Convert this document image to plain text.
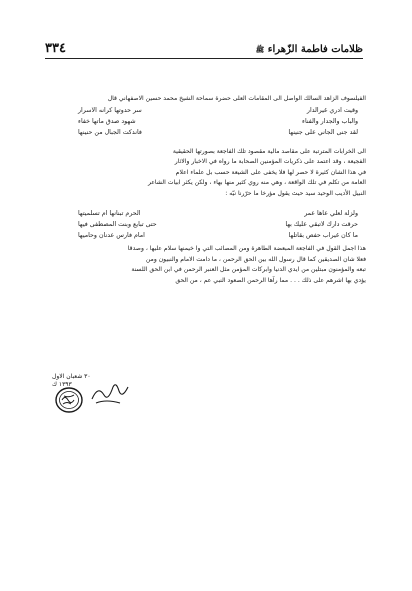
٣٣٤	ظلامات فاطمة الزّهراء ﷺ
الفيلسوف الزاهد السالك الواصل الى المقامات العلى حضرة سماحة الشيخ محمد حسين الاصفهاني قال
وقيت ادري غيرالدار
سر حدوتها كرانه الاسرار
والباب والجدار والفناء
شهود صدق ماتها خفاء
لقد جنى الجاني على جنينها
فاندكت الجبال من حنينها
الى الخرابات المترتبة على مقاصد مالية مقصود تلك الفاجعة بصورتها الحقيقية
الفجيعة ، وقد اعتمد على ذكريات المؤمنين الصحابة ما رواه في الاخبار والاثار
في هذا الشان كثيرة لا حصر لها فلا يخفى على الشيعة حسب بل علماء اعلام
العامة من تكلم في تلك الواقعة ، وهي منه روي كثير منها بهاء ، ولكن يكثر ابيات الشاعر
النبيل الأديب الوحيد سيد حيث يقول مؤرخا ما حرّرنا نيّه :
ولزلة لعلي عاها عمر
الحرم تبنانها ام تسلميتها
حرقت دارك لاتبقي عليك بها
حتى تبايع وبنت المصطفى فيها
ما كان غيراب حفص بقاتلها
امام فارس عدنان وحاميها
هذا اجمل القول في الفاجعة المبعضة الطاهرة ومن المصائب التي وا خيمنها سلام عليها ، وصدقا
فعلا شان الصديقين كما قال رسول الله بين الحق الرحمن ، ما دامت الامام والنبيون ومن
تبعه والمؤمنون مبتلين من ايدي الدنيا وابركات المؤمن مثل العنبر الرحمن في ابن الحق اللسنة
يؤدي بها اشرهم على ذلك . . . مما رآها الرحمن الصعود النبي عم ، من الحق
٣٠ شعبان الاول
١٣٩٣ ك
